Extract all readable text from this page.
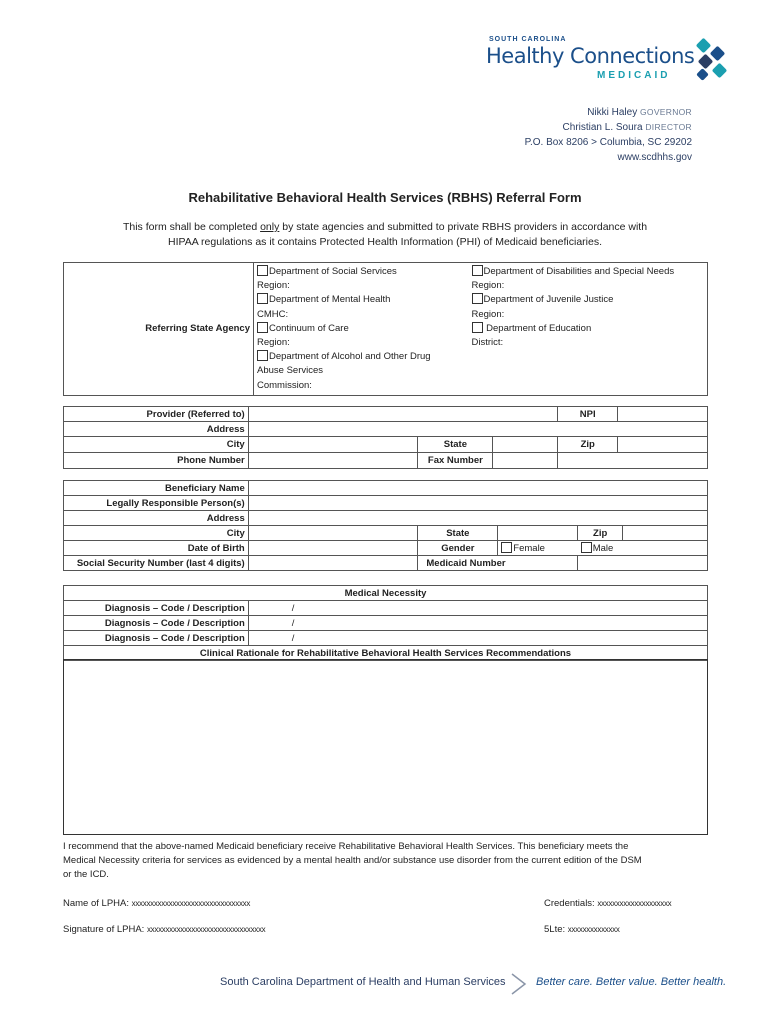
SOUTH CAROLINA
Healthy Connections
MEDICAID
Nikki Haley GOVERNOR
Christian L. Soura DIRECTOR
P.O. Box 8206 > Columbia, SC 29202
www.scdhhs.gov
Rehabilitative Behavioral Health Services (RBHS) Referral Form
This form shall be completed only by state agencies and submitted to private RBHS providers in accordance with
HIPAA regulations as it contains Protected Health Information (PHI) of Medicaid beneficiaries.
Referring State Agency	
Department of Social Services
Region:
Department of Mental Health
CMHC:
Continuum of Care
Region:
Department of Alcohol and Other Drug
Abuse Services
Commission:

Department of Disabilities and Special Needs
Region:
Department of Juvenile Justice
Region:
Department of Education
District:
Provider (Referred to)			NPI	
Address				
City		State	Zip	
Phone Number		Fax Number		

Beneficiary Name					
Legally Responsible Person(s)					
Address					
City		State		Zip	
Date of Birth		Gender	Female	Male	
Social Security Number (last 4 digits)		Medicaid Number			
Medical Necessity	
Diagnosis – Code / Description	/
Diagnosis – Code / Description	/
Diagnosis – Code / Description	/
Clinical Rationale for Rehabilitative Behavioral Health Services Recommendations	
I recommend that the above-named Medicaid beneficiary receive Rehabilitative Behavioral Health Services. This beneficiary meets the
Medical Necessity criteria for services as evidenced by a mental health and/or substance use disorder from the current edition of the DSM
or the ICD.
Name of LPHA: xxxxxxxxxxxxxxxxxxxxxxxxxxxxxxxx	Credentials: xxxxxxxxxxxxxxxxxxxx
Signature of LPHA: xxxxxxxxxxxxxxxxxxxxxxxxxxxxxxxx	5Lte: xxxxxxxxxxxxxx
South Carolina Department of Health and Human Services	Better care. Better value. Better health.
